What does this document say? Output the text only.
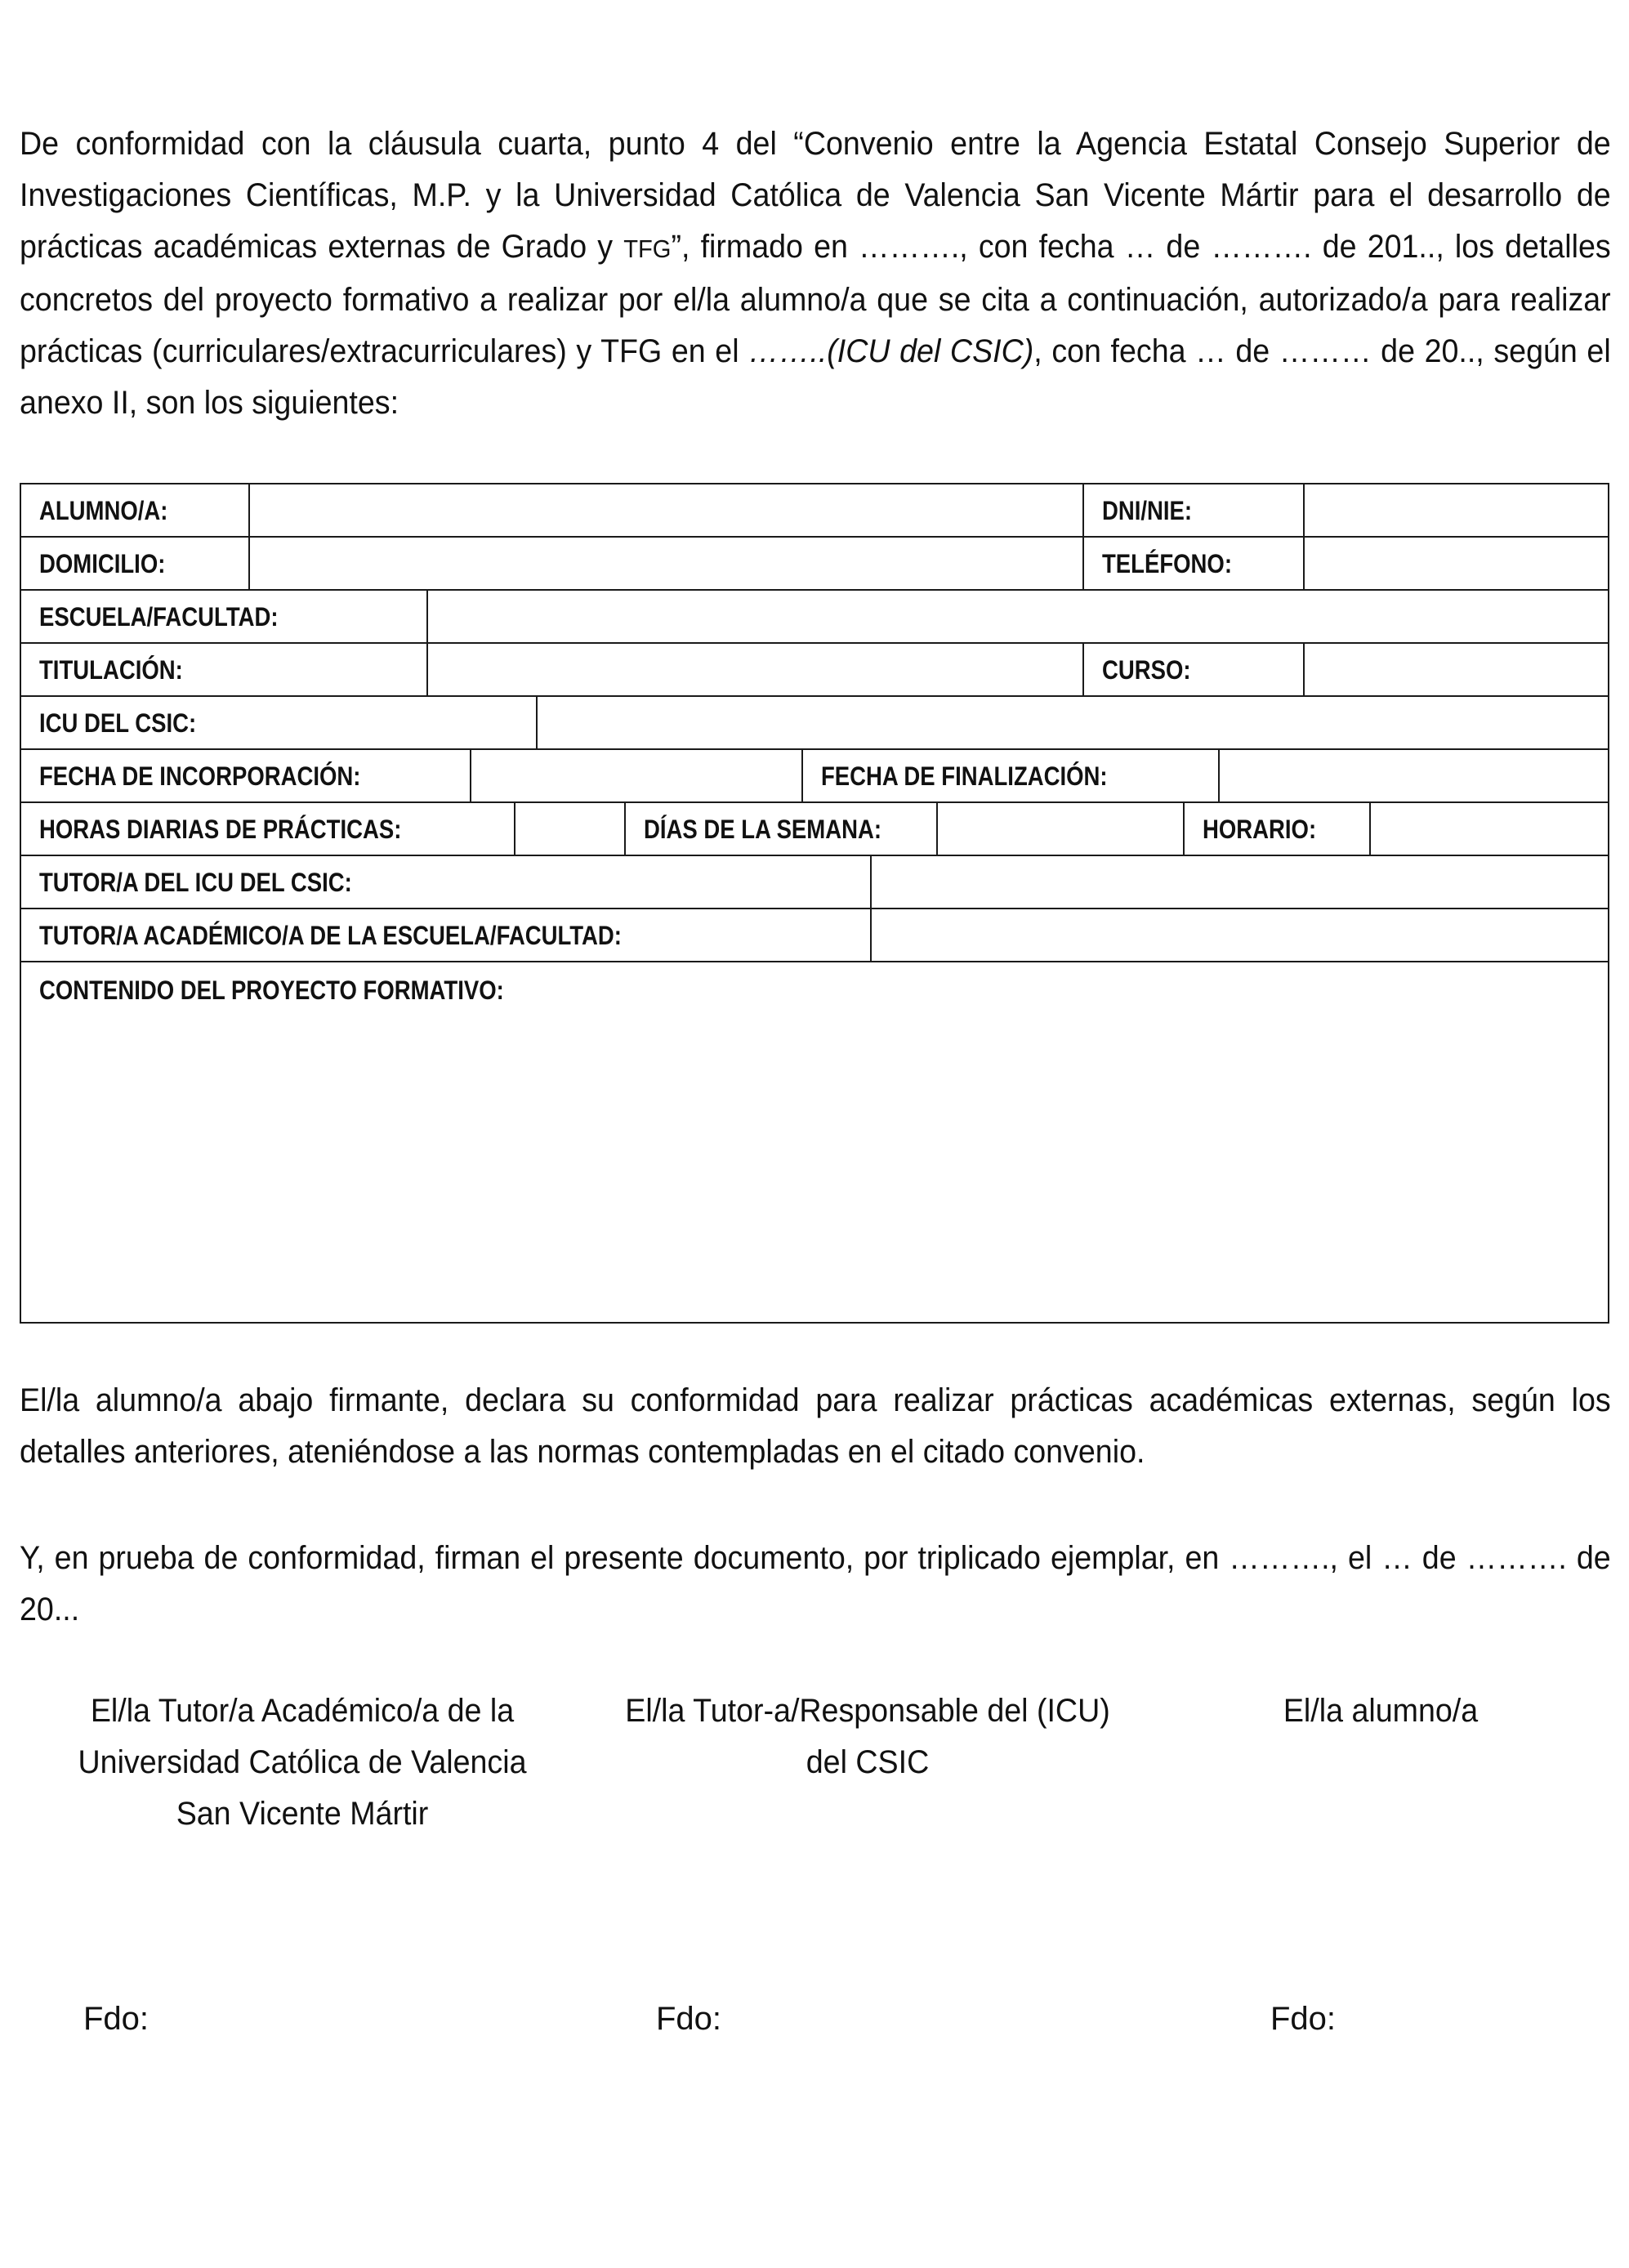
De conformidad con la cláusula cuarta, punto 4 del “Convenio entre la Agencia Estatal Consejo Superior de Investigaciones Científicas, M.P. y la Universidad Católica de Valencia San Vicente Mártir para el desarrollo de prácticas académicas externas de Grado y TFG”, firmado en ………., con fecha … de ………. de 201.., los detalles concretos del proyecto formativo a realizar por el/la alumno/a que se cita a continuación, autorizado/a para realizar prácticas (curriculares/extracurriculares) y TFG en el ……..(ICU del CSIC), con fecha … de ……… de 20.., según el anexo II, son los siguientes:

ALUMNO/A:	DNI/NIE:
DOMICILIO:	TELÉFONO:
ESCUELA/FACULTAD:
TITULACIÓN:	CURSO:
ICU DEL CSIC:
FECHA DE INCORPORACIÓN:	FECHA DE FINALIZACIÓN:
HORAS DIARIAS DE PRÁCTICAS:	DÍAS DE LA SEMANA:	HORARIO:
TUTOR/A DEL ICU DEL CSIC:
TUTOR/A ACADÉMICO/A DE LA ESCUELA/FACULTAD:
CONTENIDO DEL PROYECTO FORMATIVO:

El/la alumno/a abajo firmante, declara su conformidad para realizar prácticas académicas externas, según los detalles anteriores, ateniéndose a las normas contempladas en el citado convenio.

Y, en prueba de conformidad, firman el presente documento, por triplicado ejemplar, en ………., el … de ………. de 20...

El/la Tutor/a Académico/a de la
Universidad Católica de Valencia
San Vicente Mártir
El/la Tutor-a/Responsable del (ICU)
del CSIC
El/la alumno/a
Fdo:	Fdo:	Fdo:
